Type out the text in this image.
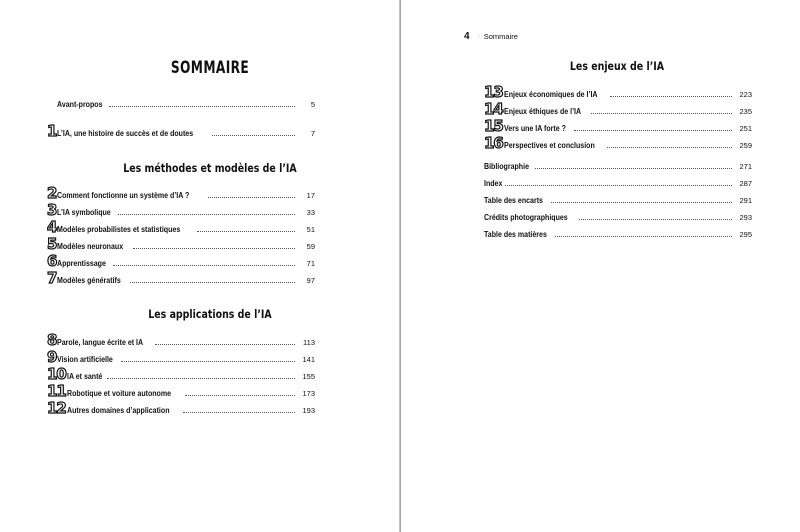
SOMMAIRE
Avant-propos	5
1 L’IA, une histoire de succès et de doutes	7
Les méthodes et modèles de l’IA
2 Comment fonctionne un système d’IA ?	17
3 L’IA symbolique	33
4 Modèles probabilistes et statistiques	51
5 Modèles neuronaux	59
6 Apprentissage	71
7 Modèles génératifs	97
Les applications de l’IA
8 Parole, langue écrite et IA	113
9 Vision artificielle	141
10 IA et santé	155
11 Robotique et voiture autonome	173
12 Autres domaines d’application	193
4 ◦ Sommaire
Les enjeux de l’IA
13 Enjeux économiques de l’IA	223
14 Enjeux éthiques de l’IA	235
15 Vers une IA forte ?	251
16 Perspectives et conclusion	259
Bibliographie	271
Index	287
Table des encarts	291
Crédits photographiques	293
Table des matières	295
